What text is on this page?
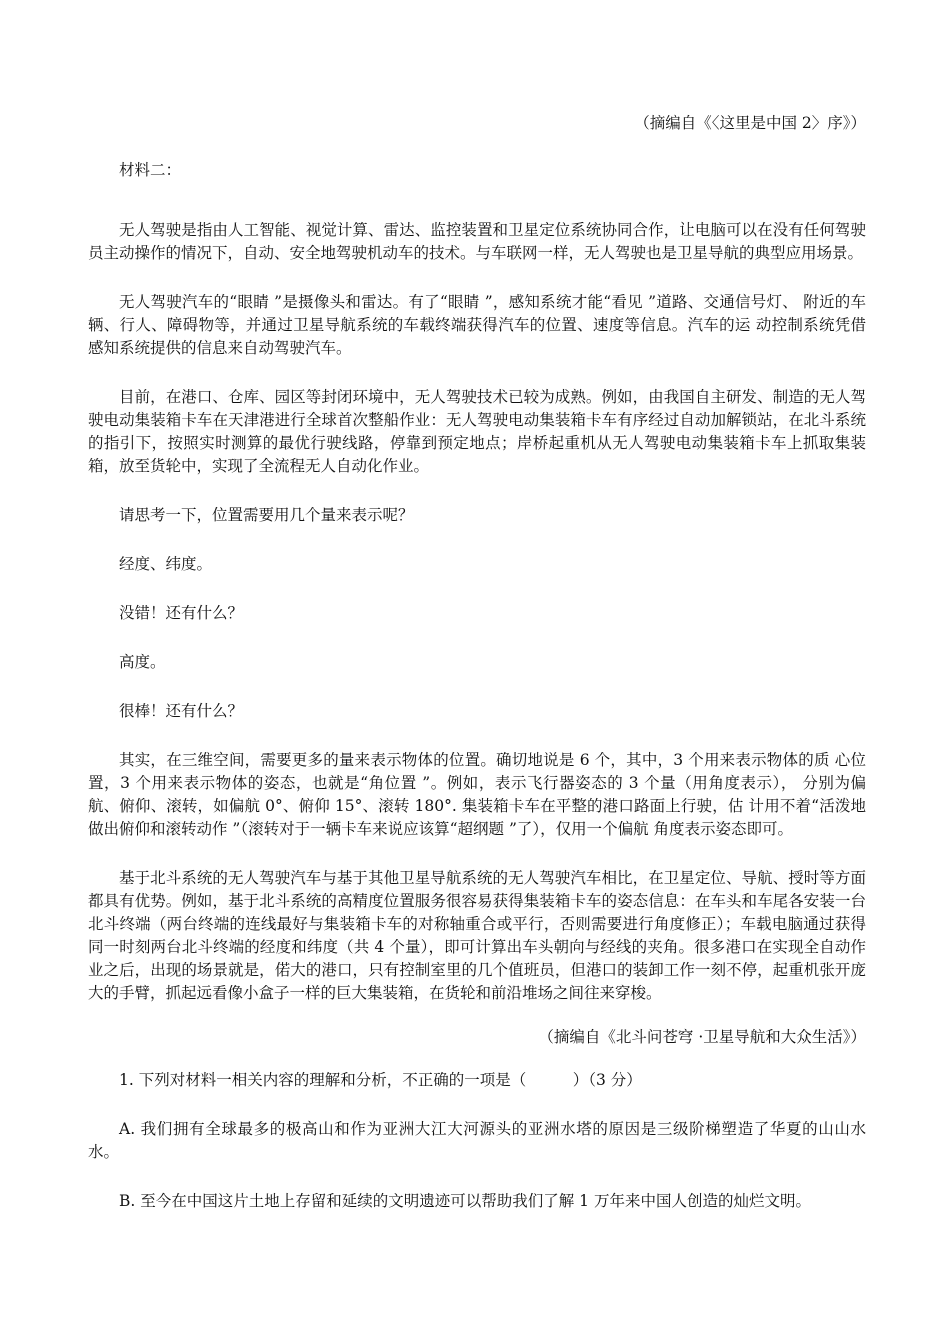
（摘编自《〈这里是中国 2〉序》）

材料二：

无人驾驶是指由人工智能、视觉计算、雷达、监控装置和卫星定位系统协同合作，让电脑可以在没有任何驾驶员主动操作的情况下，自动、安全地驾驶机动车的技术。与车联网一样，无人驾驶也是卫星导航的典型应用场景。

无人驾驶汽车的“眼睛 ”是摄像头和雷达。有了“眼睛 ”，感知系统才能“看见 ”道路、交通信号灯、 附近的车辆、行人、障碍物等，并通过卫星导航系统的车载终端获得汽车的位置、速度等信息。汽车的运 动控制系统凭借感知系统提供的信息来自动驾驶汽车。

目前，在港口、仓库、园区等封闭环境中，无人驾驶技术已较为成熟。例如，由我国自主研发、制造的无人驾驶电动集装箱卡车在天津港进行全球首次整船作业：无人驾驶电动集装箱卡车有序经过自动加解锁站，在北斗系统的指引下，按照实时测算的最优行驶线路，停靠到预定地点；岸桥起重机从无人驾驶电动集装箱卡车上抓取集装箱，放至货轮中，实现了全流程无人自动化作业。

请思考一下，位置需要用几个量来表示呢？

经度、纬度。

没错！还有什么？

高度。

很棒！还有什么？

其实，在三维空间，需要更多的量来表示物体的位置。确切地说是 6 个，其中，3 个用来表示物体的质 心位置，3 个用来表示物体的姿态，也就是“角位置 ”。例如，表示飞行器姿态的 3 个量（用角度表示）， 分别为偏航、俯仰、滚转，如偏航 0°、俯仰 15°、滚转 180°. 集装箱卡车在平整的港口路面上行驶，估 计用不着“活泼地做出俯仰和滚转动作 ”（滚转对于一辆卡车来说应该算“超纲题 ”了），仅用一个偏航 角度表示姿态即可。

基于北斗系统的无人驾驶汽车与基于其他卫星导航系统的无人驾驶汽车相比，在卫星定位、导航、授时等方面都具有优势。例如，基于北斗系统的高精度位置服务很容易获得集装箱卡车的姿态信息：在车头和车尾各安装一台北斗终端（两台终端的连线最好与集装箱卡车的对称轴重合或平行，否则需要进行角度修正）；车载电脑通过获得同一时刻两台北斗终端的经度和纬度（共 4 个量），即可计算出车头朝向与经线的夹角。很多港口在实现全自动作业之后，出现的场景就是，偌大的港口，只有控制室里的几个值班员，但港口的装卸工作一刻不停，起重机张开庞大的手臂，抓起远看像小盒子一样的巨大集装箱，在货轮和前沿堆场之间往来穿梭。

（摘编自《北斗问苍穹 ·卫星导航和大众生活》）

1. 下列对材料一相关内容的理解和分析，不正确的一项是（　　　）（3 分）

A. 我们拥有全球最多的极高山和作为亚洲大江大河源头的亚洲水塔的原因是三级阶梯塑造了华夏的山山水水。

B. 至今在中国这片土地上存留和延续的文明遗迹可以帮助我们了解 1 万年来中国人创造的灿烂文明。
